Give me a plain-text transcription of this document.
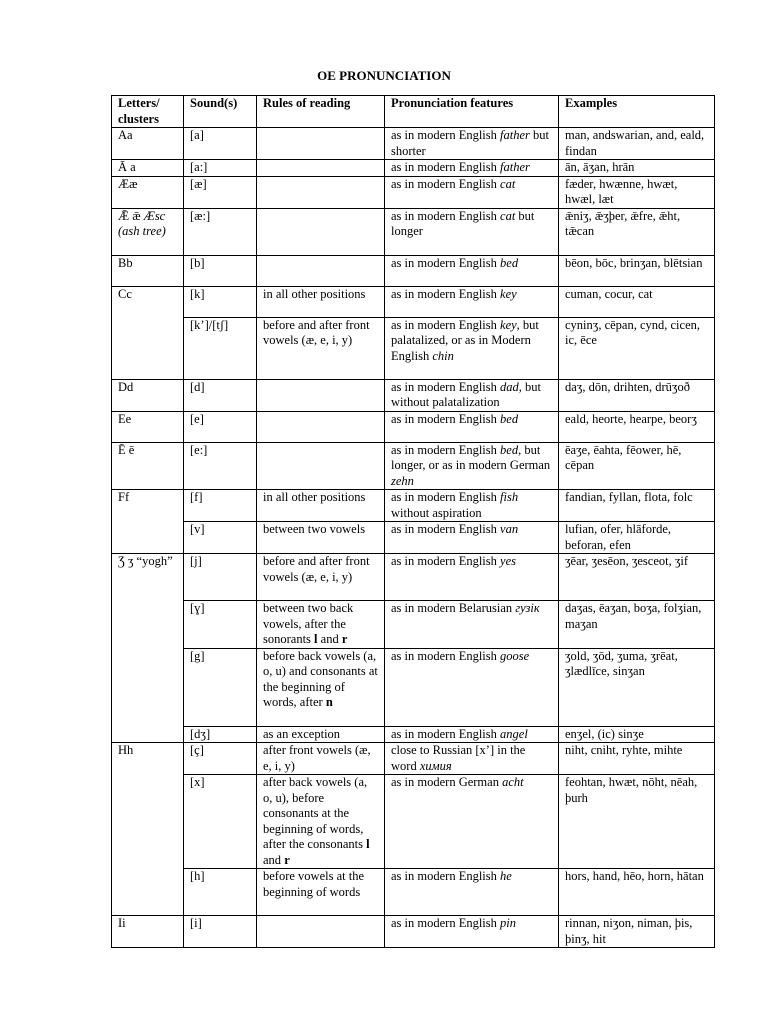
OE PRONUNCIATION
Letters/ clusters	Sound(s)	Rules of reading	Pronunciation features	Examples
Aa	[a]		as in modern English father but shorter	man, andswarian, and, eald, findan
Ā a	[a:]		as in modern English father	ān, āʒan, hrān
Ææ	[æ]		as in modern English cat	fæder, hwænne, hwæt, hwæl, læt
Ǣ ǣ Æsc (ash tree)	[æ:]		as in modern English cat but longer	ǣniʒ, ǣʒþer, ǣfre, ǣht, tǣcan
Bb	[b]		as in modern English bed	bēon, bōc, brinʒan, blētsian
Cc	[k]	in all other positions	as in modern English key	cuman, cocur, cat
	[k’]/[tʃ]	before and after front vowels (æ, e, i, y)	as in modern English key, but palatalized, or as in Modern English chin	cyninʒ, cēpan, cynd, cicen, ic, ēce
Dd	[d]		as in modern English dad, but without palatalization	daʒ, dōn, drihten, drūʒoð
Ee	[e]		as in modern English bed	eald, heorte, hearpe, beorʒ
Ē ē	[e:]		as in modern English bed, but longer, or as in modern German zehn	ēaʒe, ēahta, fēower, hē, cēpan
Ff	[f]	in all other positions	as in modern English fish without aspiration	fandian, fyllan, flota, folc
	[v]	between two vowels	as in modern English van	lufian, ofer, hlāforde, beforan, efen
Ʒ ʒ “yogh”	[j]	before and after front vowels (æ, e, i, y)	as in modern English yes	ʒēar, ʒesēon, ʒesceot, ʒif
	[ɣ]	between two back vowels, after the sonorants l and r	as in modern Belarusian гузік	daʒas, ēaʒan, boʒa, folʒian, maʒan
	[g]	before back vowels (a, o, u) and consonants at the beginning of words, after n	as in modern English goose	ʒold, ʒōd, ʒuma, ʒrēat, ʒlædlīce, sinʒan
	[dʒ]	as an exception	as in modern English angel	enʒel, (ic) sinʒe
Hh	[ç]	after front vowels (æ, e, i, y)	close to Russian [x’] in the word химия	niht, cniht, ryhte, mihte
	[x]	after back vowels (a, o, u), before consonants at the beginning of words, after the consonants l and r	as in modern German acht	feohtan, hwæt, nōht, nēah, þurh
	[h]	before vowels at the beginning of words	as in modern English he	hors, hand, hēo, horn, hātan
Ii	[i]		as in modern English pin	rinnan, niʒon, niman, þis, þinʒ, hit
